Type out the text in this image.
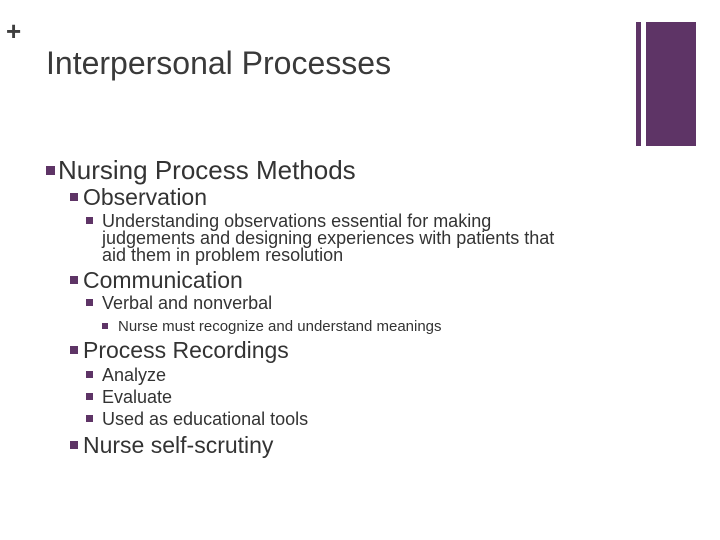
+
Interpersonal Processes
Nursing Process Methods
Observation
Understanding observations essential for making
judgements and designing experiences with patients that
aid them in problem resolution
Communication
Verbal and nonverbal
Nurse must recognize and understand meanings
Process Recordings
Analyze
Evaluate
Used as educational tools
Nurse self-scrutiny
